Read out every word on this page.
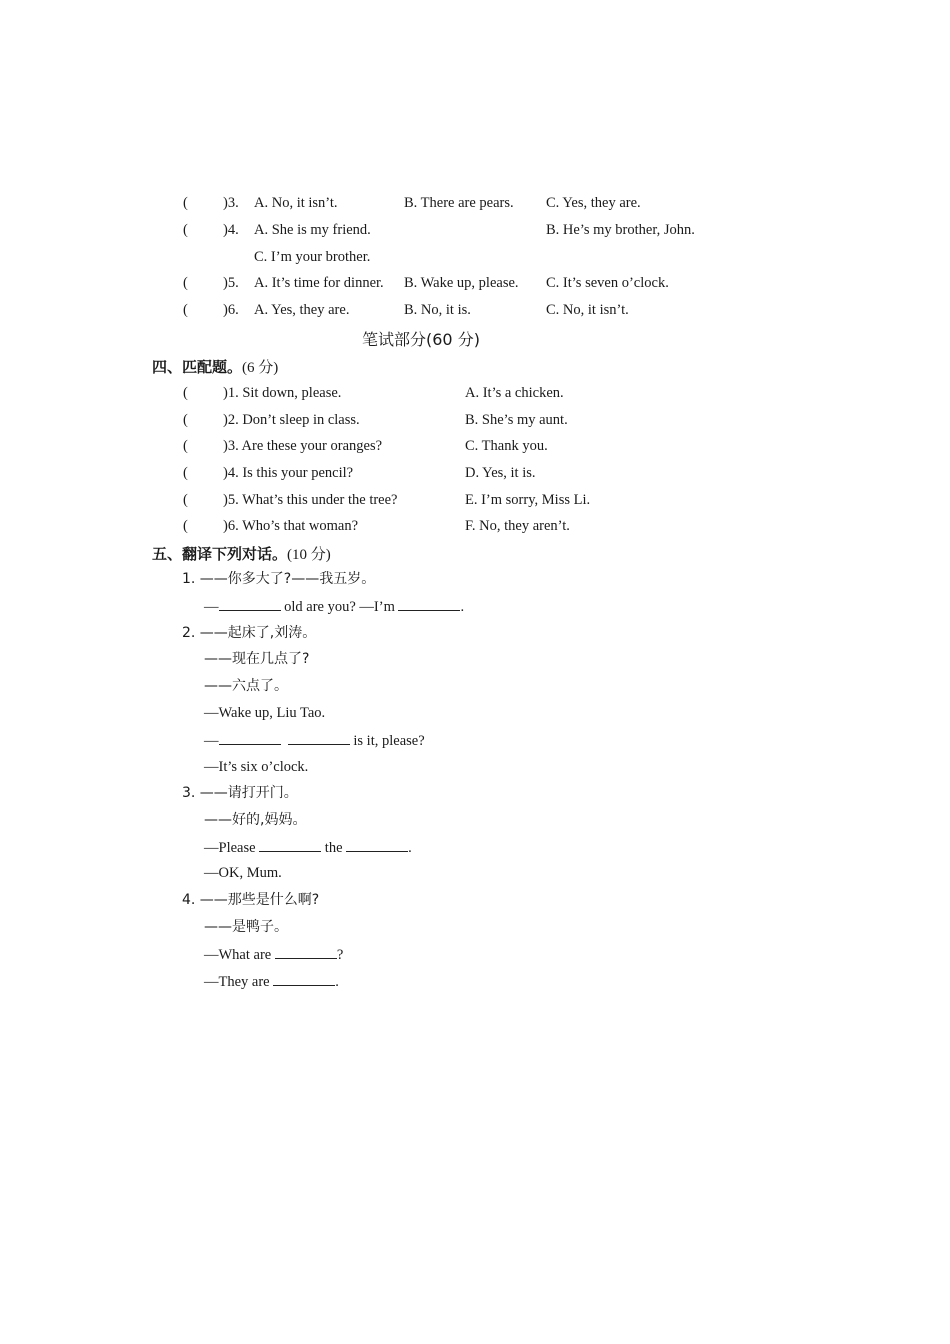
( )3. A. No, it isn’t.	B. There are pears. C. Yes, they are.
( )4. A. She is my friend.	B. He’s my brother, John.
C. I’m your brother.
( )5. A. It’s time for dinner. B. Wake up, please. C. It’s seven o’clock.
( )6. A. Yes, they are.	B. No, it is.	C. No, it isn’t.
笔试部分(60 分)
四、匹配题。(6 分)
( )1. Sit down, please.	A. It’s a chicken.
( )2. Don’t sleep in class.	B. She’s my aunt.
( )3. Are these your oranges?	C. Thank you.
( )4. Is this your pencil?	D. Yes, it is.
( )5. What’s this under the tree?	E. I’m sorry, Miss Li.
( )6. Who’s that woman?	F. No, they aren’t.
五、翻译下列对话。(10 分)
1. ——你多大了?——我五岁。
—	old are you? —I’m	.
2. ——起床了,刘涛。
——现在几点了?
——六点了。
—Wake up, Liu Tao.
—	is it, please?
—It’s six o’clock.
3. ——请打开门。
——好的,妈妈。
—Please	the	.
—OK, Mum.
4. ——那些是什么啊?
——是鸭子。
—What are	?
—They are	.
